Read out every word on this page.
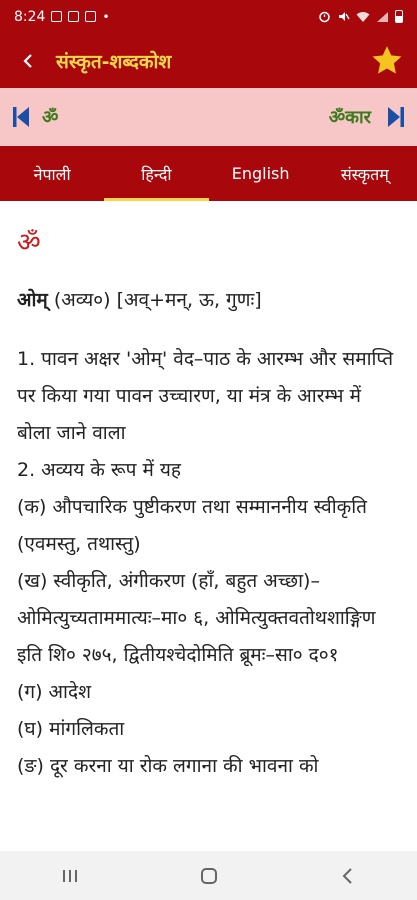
8:24	•
संस्कृत-शब्दकोश
ॐ	ॐकार
नेपाली	हिन्दी	English	संस्कृतम्
ॐ
ओम् (अव्य०) [अव्+मन्, ऊ, गुणः]
1. पावन अक्षर 'ओम्' वेद–पाठ के आरम्भ और समाप्ति पर किया गया पावन उच्चारण, या मंत्र के आरम्भ में बोला जाने वाला
2. अव्यय के रूप में यह
(क) औपचारिक पुष्टीकरण तथा सम्माननीय स्वीकृति (एवमस्तु, तथास्तु)
(ख) स्वीकृति, अंगीकरण (हाँ, बहुत अच्छा)–ओमित्युच्यताममात्यः–मा० ६, ओमित्युक्तवतोथशाङ्गिण इति शि० २७५, द्वितीयश्चेदोमिति ब्रूमः–सा० द०१
(ग) आदेश
(घ) मांगलिकता
(ङ) दूर करना या रोक लगाना की भावना को
